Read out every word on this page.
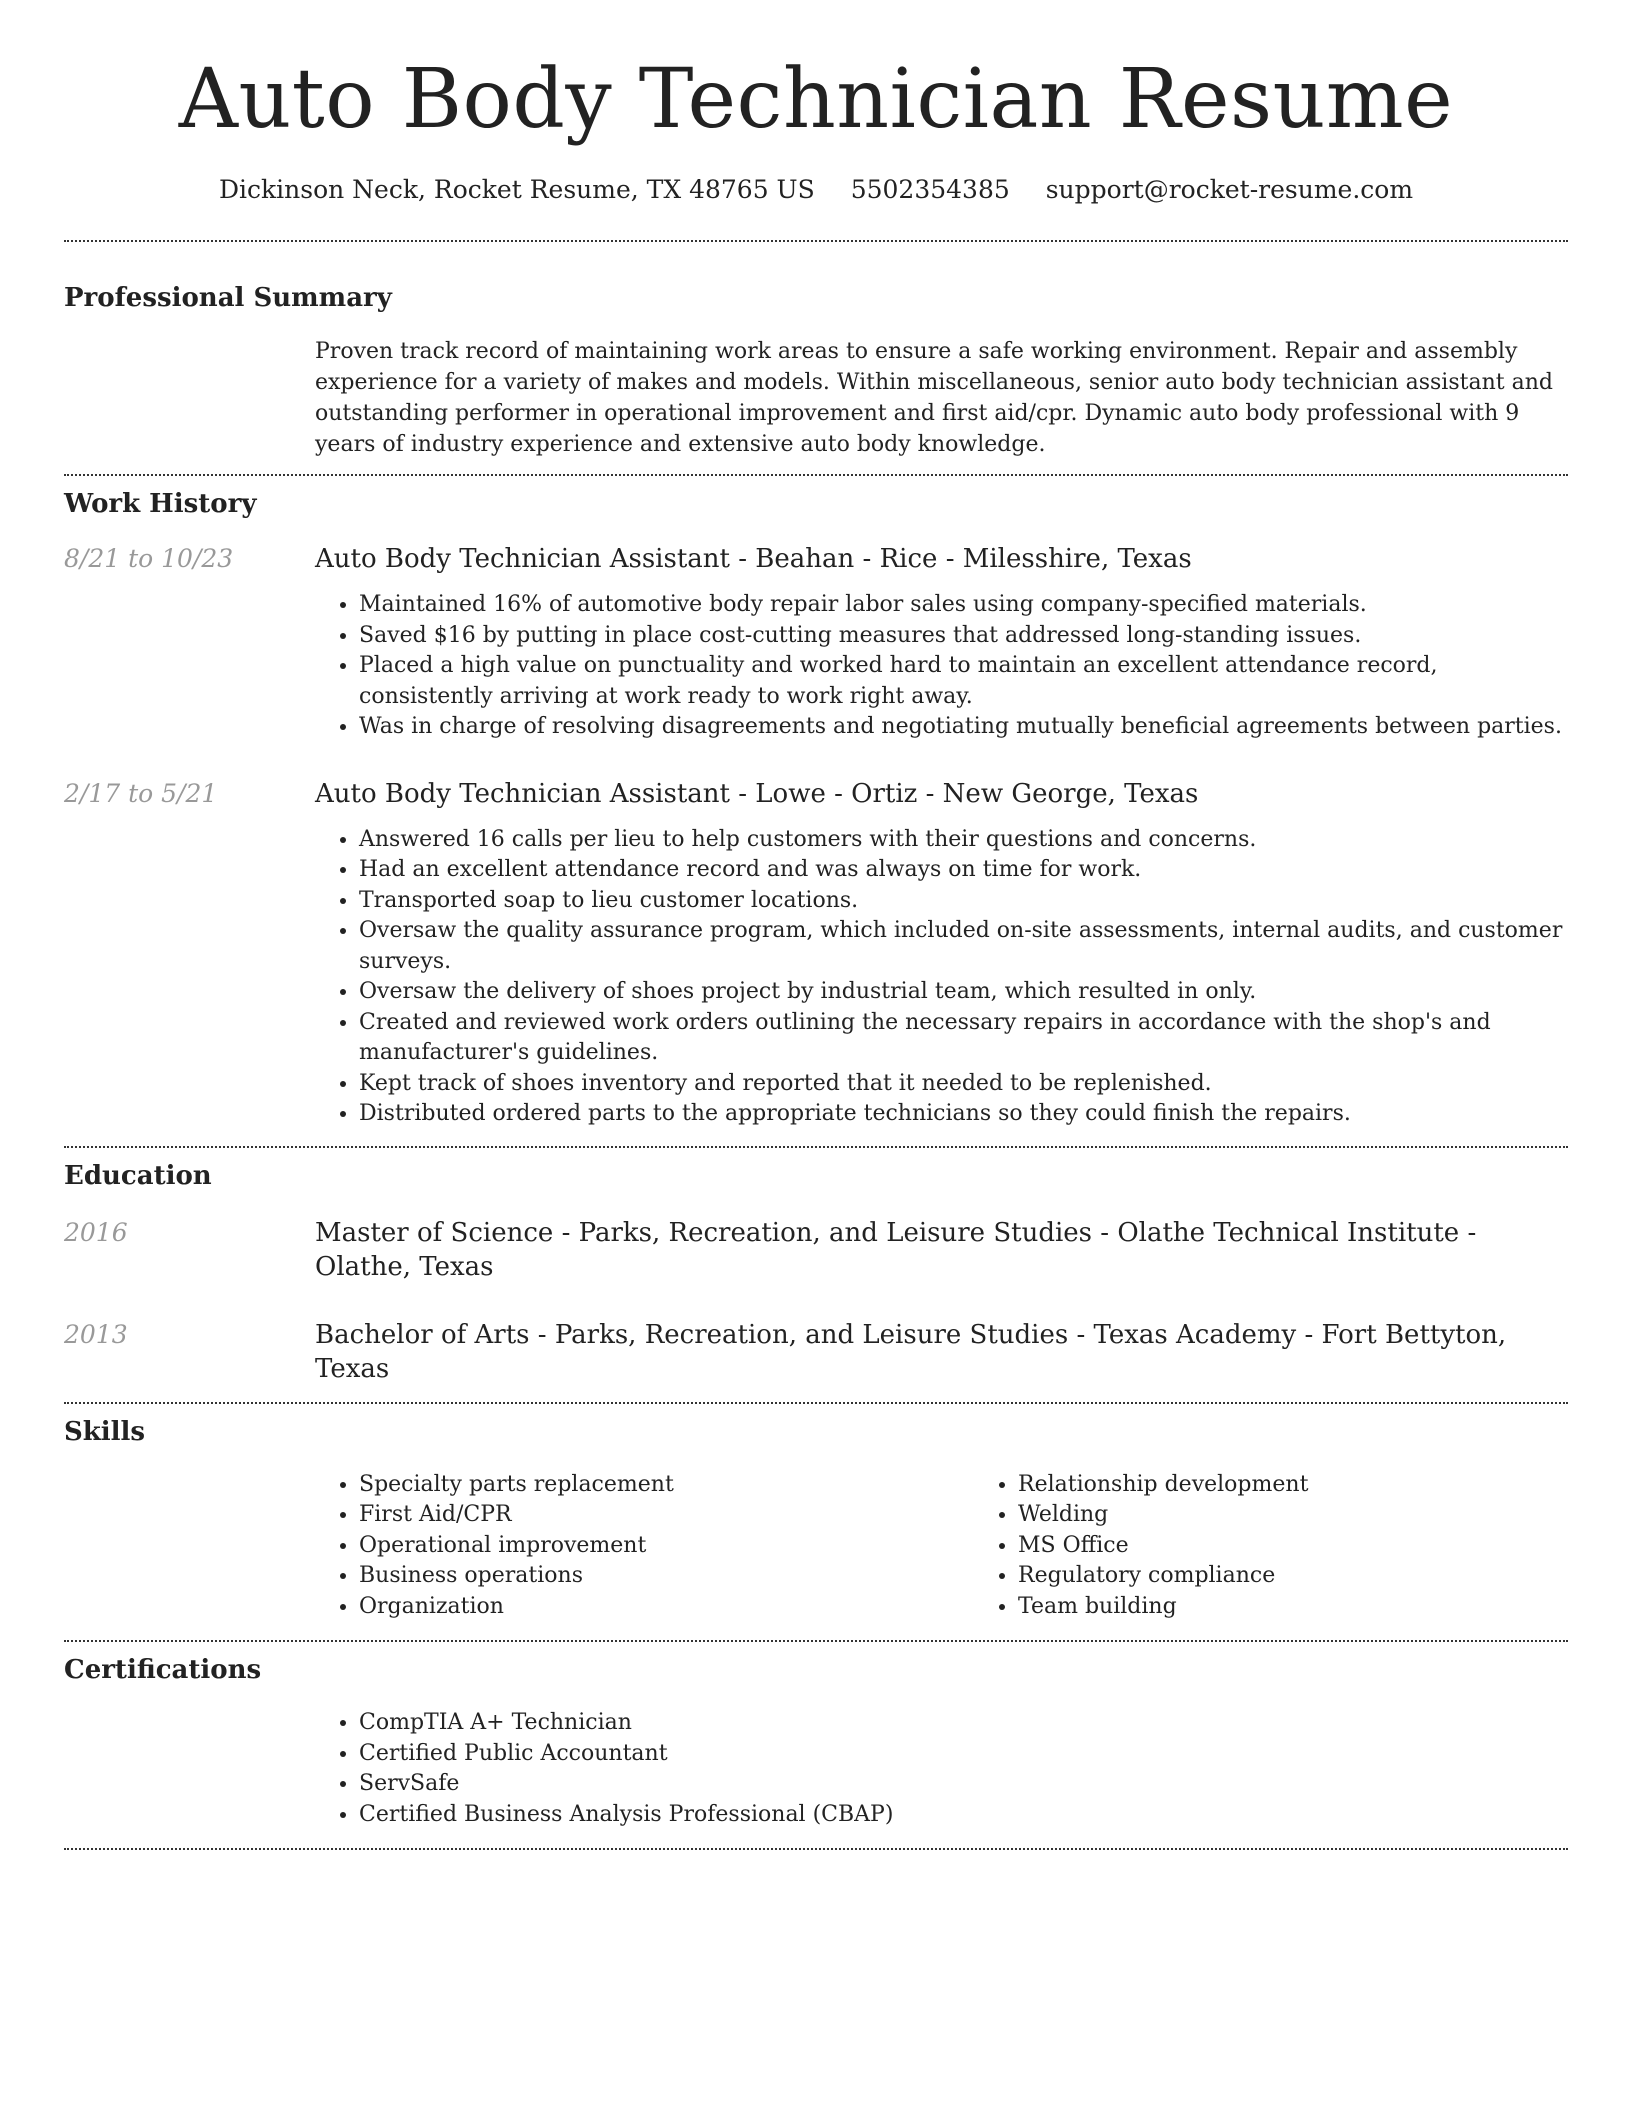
Auto Body Technician Resume
Dickinson Neck, Rocket Resume, TX 48765 US 5502354385 support@rocket-resume.com
Professional Summary
Proven track record of maintaining work areas to ensure a safe working environment. Repair and assembly experience for a variety of makes and models. Within miscellaneous, senior auto body technician assistant and outstanding performer in operational improvement and first aid/cpr. Dynamic auto body professional with 9 years of industry experience and extensive auto body knowledge.
Work History
8/21 to 10/23	Auto Body Technician Assistant - Beahan - Rice - Milesshire, Texas
• Maintained 16% of automotive body repair labor sales using company-specified materials.
• Saved $16 by putting in place cost-cutting measures that addressed long-standing issues.
• Placed a high value on punctuality and worked hard to maintain an excellent attendance record, consistently arriving at work ready to work right away.
• Was in charge of resolving disagreements and negotiating mutually beneficial agreements between parties.
2/17 to 5/21	Auto Body Technician Assistant - Lowe - Ortiz - New George, Texas
• Answered 16 calls per lieu to help customers with their questions and concerns.
• Had an excellent attendance record and was always on time for work.
• Transported soap to lieu customer locations.
• Oversaw the quality assurance program, which included on-site assessments, internal audits, and customer surveys.
• Oversaw the delivery of shoes project by industrial team, which resulted in only.
• Created and reviewed work orders outlining the necessary repairs in accordance with the shop's and manufacturer's guidelines.
• Kept track of shoes inventory and reported that it needed to be replenished.
• Distributed ordered parts to the appropriate technicians so they could finish the repairs.
Education
2016	Master of Science - Parks, Recreation, and Leisure Studies - Olathe Technical Institute - Olathe, Texas
2013	Bachelor of Arts - Parks, Recreation, and Leisure Studies - Texas Academy - Fort Bettyton, Texas
Skills
• Specialty parts replacement
• First Aid/CPR
• Operational improvement
• Business operations
• Organization
• Relationship development
• Welding
• MS Office
• Regulatory compliance
• Team building
Certifications
• CompTIA A+ Technician
• Certified Public Accountant
• ServSafe
• Certified Business Analysis Professional (CBAP)
